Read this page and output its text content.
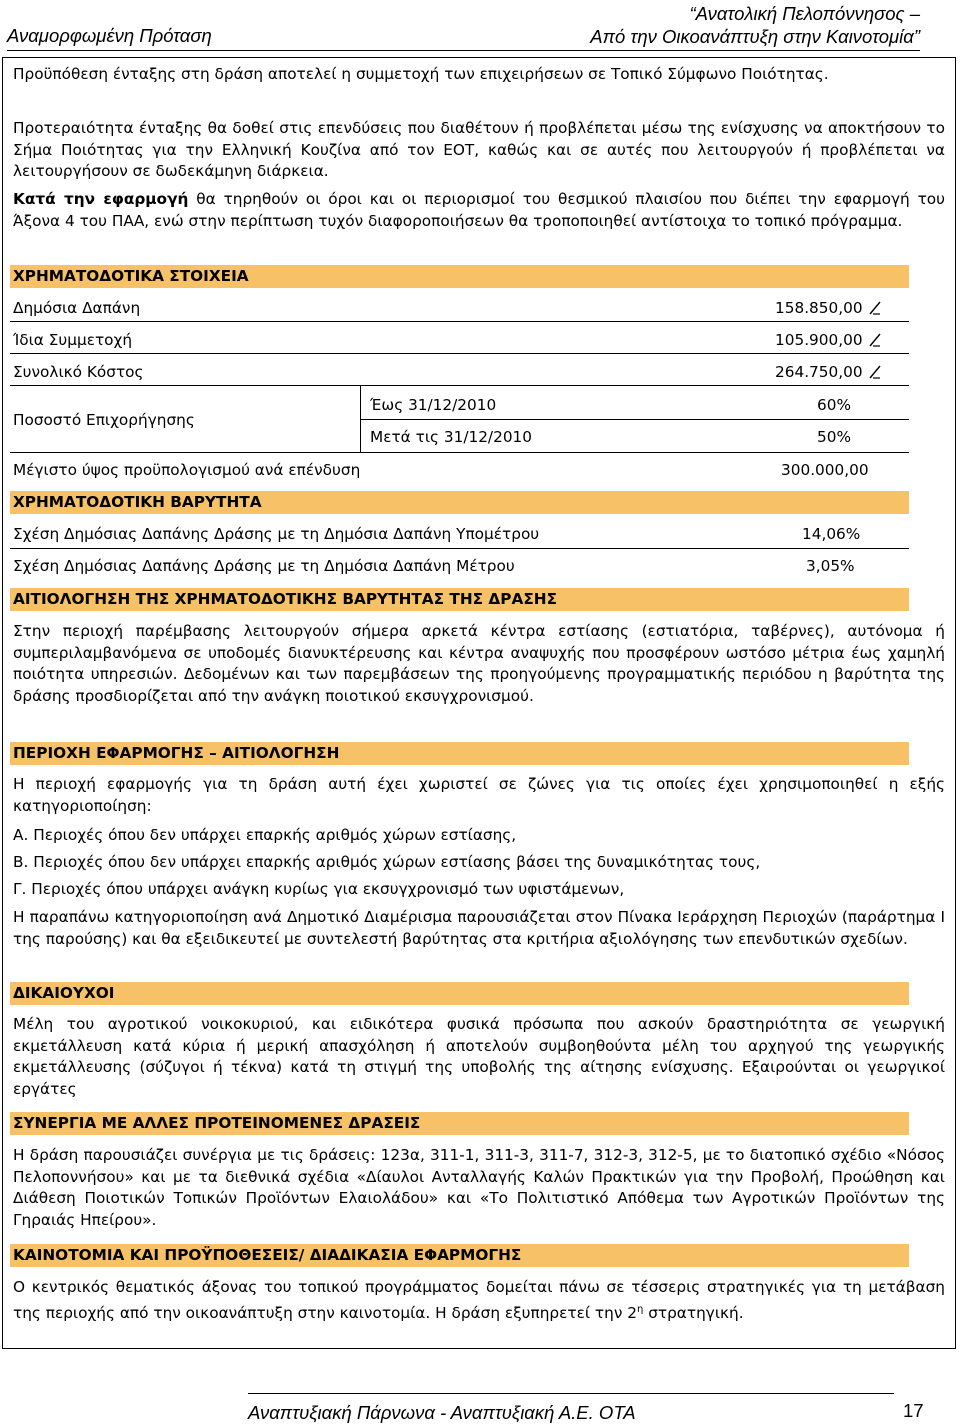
Αναμορφωμένη Πρόταση
“Ανατολική Πελοπόννησος –
Από την Οικοανάπτυξη στην Καινοτομία”
Προϋπόθεση ένταξης στη δράση αποτελεί η συμμετοχή των επιχειρήσεων σε Τοπικό Σύμφωνο Ποιότητας.
Προτεραιότητα ένταξης θα δοθεί στις επενδύσεις που διαθέτουν ή προβλέπεται μέσω της ενίσχυσης να αποκτήσουν το Σήμα Ποιότητας για την Ελληνική Κουζίνα από τον ΕΟΤ, καθώς και σε αυτές που λειτουργούν ή προβλέπεται να λειτουργήσουν σε δωδεκάμηνη διάρκεια.
Κατά την εφαρμογή θα τηρηθούν οι όροι και οι περιορισμοί του θεσμικού πλαισίου που διέπει την εφαρμογή του Άξονα 4 του ΠΑΑ, ενώ στην περίπτωση τυχόν διαφοροποιήσεων θα τροποποιηθεί αντίστοιχα το τοπικό πρόγραμμα.
ΧΡΗΜΑΤΟΔΟΤΙΚΑ ΣΤΟΙΧΕΙΑ
Δημόσια Δαπάνη	158.850,00
Ίδια Συμμετοχή	105.900,00
Συνολικό Κόστος	264.750,00
Ποσοστό Επιχορήγησης
Έως 31/12/2010	60%
Μετά τις 31/12/2010	50%
Μέγιστο ύψος προϋπολογισμού ανά επένδυση	300.000,00
ΧΡΗΜΑΤΟΔΟΤΙΚΗ ΒΑΡΥΤΗΤΑ
Σχέση Δημόσιας Δαπάνης Δράσης με τη Δημόσια Δαπάνη Υπομέτρου	14,06%
Σχέση Δημόσιας Δαπάνης Δράσης με τη Δημόσια Δαπάνη Μέτρου	3,05%
ΑΙΤΙΟΛΟΓΗΣΗ ΤΗΣ ΧΡΗΜΑΤΟΔΟΤΙΚΗΣ ΒΑΡΥΤΗΤΑΣ ΤΗΣ ΔΡΑΣΗΣ
Στην περιοχή παρέμβασης λειτουργούν σήμερα αρκετά κέντρα εστίασης (εστιατόρια, ταβέρνες), αυτόνομα ή συμπεριλαμβανόμενα σε υποδομές διανυκτέρευσης και κέντρα αναψυχής που προσφέρουν ωστόσο μέτρια έως χαμηλή ποιότητα υπηρεσιών. Δεδομένων και των παρεμβάσεων της προηγούμενης προγραμματικής περιόδου η βαρύτητα της δράσης προσδιορίζεται από την ανάγκη ποιοτικού εκσυγχρονισμού.
ΠΕΡΙΟΧΗ ΕΦΑΡΜΟΓΗΣ – ΑΙΤΙΟΛΟΓΗΣΗ
Η περιοχή εφαρμογής για τη δράση αυτή έχει χωριστεί σε ζώνες για τις οποίες έχει χρησιμοποιηθεί η εξής κατηγοριοποίηση:
Α. Περιοχές όπου δεν υπάρχει επαρκής αριθμός χώρων εστίασης,
Β. Περιοχές όπου δεν υπάρχει επαρκής αριθμός χώρων εστίασης βάσει της δυναμικότητας τους,
Γ. Περιοχές όπου υπάρχει ανάγκη κυρίως για εκσυγχρονισμό των υφιστάμενων,
Η παραπάνω κατηγοριοποίηση ανά Δημοτικό Διαμέρισμα παρουσιάζεται στον Πίνακα Ιεράρχηση Περιοχών (παράρτημα Ι της παρούσης) και θα εξειδικευτεί με συντελεστή βαρύτητας στα κριτήρια αξιολόγησης των επενδυτικών σχεδίων.
ΔΙΚΑΙΟΥΧΟΙ
Μέλη του αγροτικού νοικοκυριού, και ειδικότερα φυσικά πρόσωπα που ασκούν δραστηριότητα σε γεωργική εκμετάλλευση κατά κύρια ή μερική απασχόληση ή αποτελούν συμβοηθούντα μέλη του αρχηγού της γεωργικής εκμετάλλευσης (σύζυγοι ή τέκνα) κατά τη στιγμή της υποβολής της αίτησης ενίσχυσης. Εξαιρούνται οι γεωργικοί εργάτες
ΣΥΝΕΡΓΙΑ ΜΕ ΑΛΛΕΣ ΠΡΟΤΕΙΝΟΜΕΝΕΣ ΔΡΑΣΕΙΣ
Η δράση παρουσιάζει συνέργια με τις δράσεις: 123α, 311-1, 311-3, 311-7, 312-3, 312-5, με το διατοπικό σχέδιο «Νόσος Πελοποννήσου» και με τα διεθνικά σχέδια «Δίαυλοι Ανταλλαγής Καλών Πρακτικών για την Προβολή, Προώθηση και Διάθεση Ποιοτικών Τοπικών Προϊόντων Ελαιολάδου» και «Το Πολιτιστικό Απόθεμα των Αγροτικών Προϊόντων της Γηραιάς Ηπείρου».
ΚΑΙΝΟΤΟΜΙΑ ΚΑΙ ΠΡΟΫΠΟΘΕΣΕΙΣ/ ΔΙΑΔΙΚΑΣΙΑ ΕΦΑΡΜΟΓΗΣ
Ο κεντρικός θεματικός άξονας του τοπικού προγράμματος δομείται πάνω σε τέσσερις στρατηγικές για τη μετάβαση της περιοχής από την οικοανάπτυξη στην καινοτομία. Η δράση εξυπηρετεί την $2^\eta$ στρατηγική.
Αναπτυξιακή Πάρνωνα - Αναπτυξιακή Α.Ε. ΟΤΑ	17
